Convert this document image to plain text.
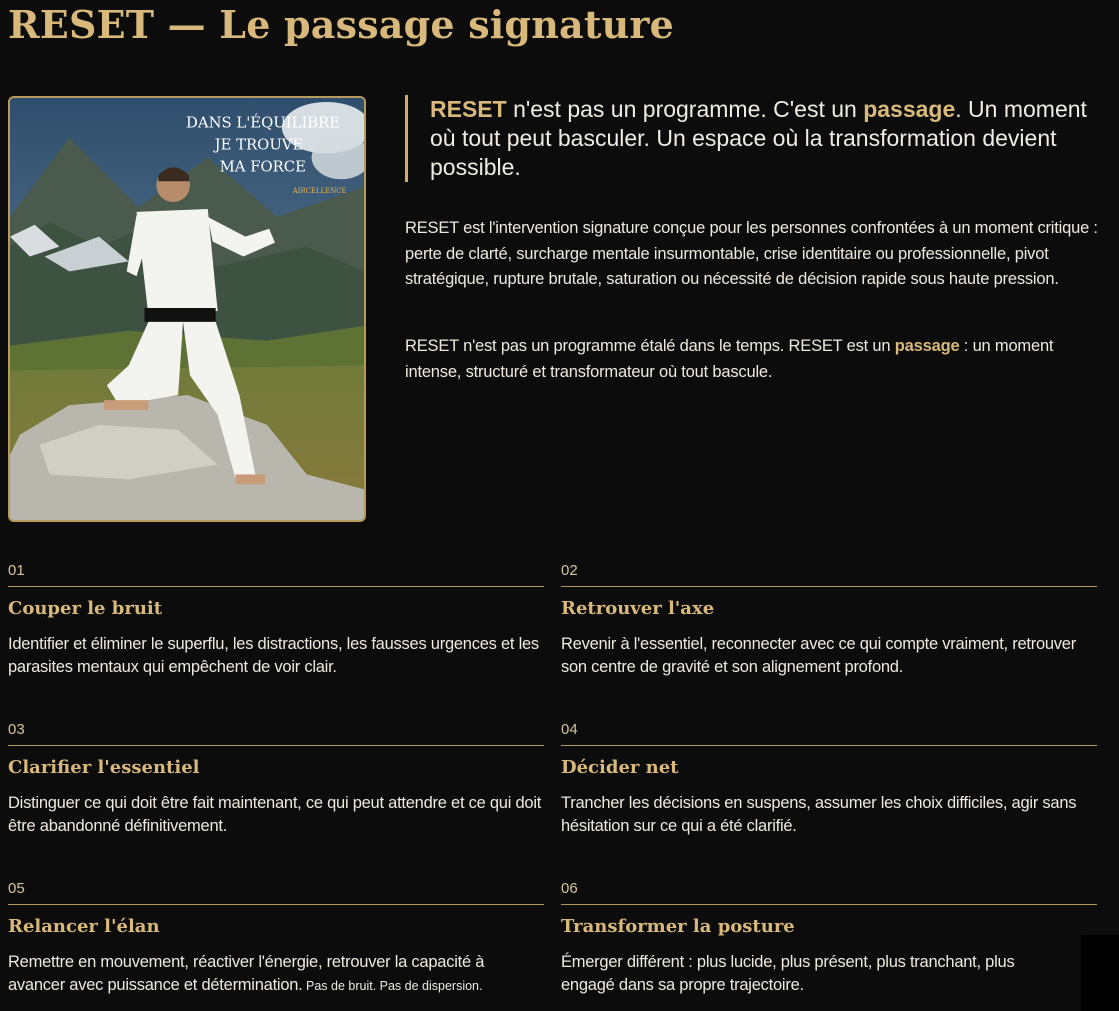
RESET — Le passage signature
DANS L'ÉQUILIBRE
JE TROUVE
MA FORCE
AIRCELLENCE
RESET n'est pas un programme. C'est un passage. Un moment où tout peut basculer. Un espace où la transformation devient possible.

RESET est l'intervention signature conçue pour les personnes confrontées à un moment critique : perte de clarté, surcharge mentale insurmontable, crise identitaire ou professionnelle, pivot stratégique, rupture brutale, saturation ou nécessité de décision rapide sous haute pression.

RESET n'est pas un programme étalé dans le temps. RESET est un passage : un moment intense, structuré et transformateur où tout bascule.

01
Couper le bruit
Identifier et éliminer le superflu, les distractions, les fausses urgences et les parasites mentaux qui empêchent de voir clair.
02
Retrouver l'axe
Revenir à l'essentiel, reconnecter avec ce qui compte vraiment, retrouver son centre de gravité et son alignement profond.
03
Clarifier l'essentiel
Distinguer ce qui doit être fait maintenant, ce qui peut attendre et ce qui doit être abandonné définitivement.
04
Décider net
Trancher les décisions en suspens, assumer les choix difficiles, agir sans hésitation sur ce qui a été clarifié.
05
Relancer l'élan
Remettre en mouvement, réactiver l'énergie, retrouver la capacité à avancer avec puissance et détermination. Pas de bruit. Pas de dispersion.
06
Transformer la posture
Émerger différent : plus lucide, plus présent, plus tranchant, plus engagé dans sa propre trajectoire.
